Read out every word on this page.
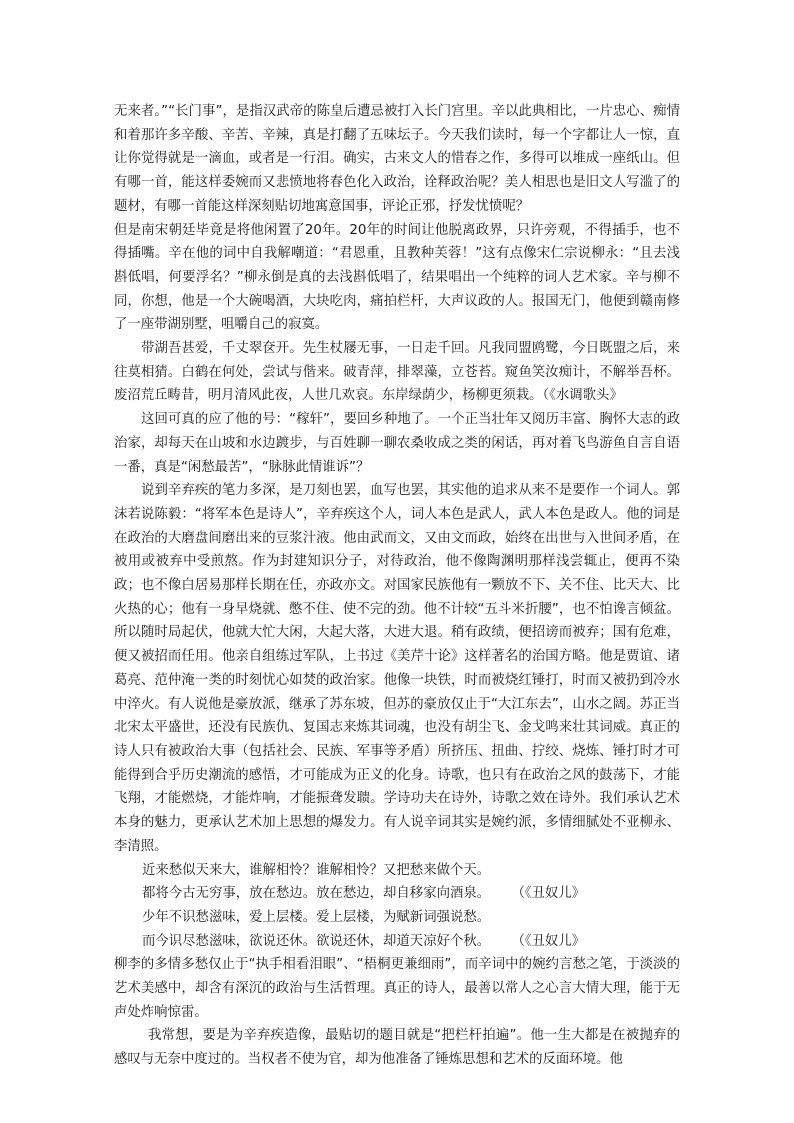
无来者。”“长门事”，是指汉武帝的陈皇后遭忌被打入长门宫里。辛以此典相比，一片忠心、痴情和着那许多辛酸、辛苦、辛辣，真是打翻了五味坛子。今天我们读时，每一个字都让人一惊，直让你觉得就是一滴血，或者是一行泪。确实，古来文人的惜春之作，多得可以堆成一座纸山。但有哪一首，能这样委婉而又悲愤地将春色化入政治，诠释政治呢？美人相思也是旧文人写滥了的题材，有哪一首能这样深刻贴切地寓意国事，评论正邪，抒发忧愤呢？

但是南宋朝廷毕竟是将他闲置了20年。20年的时间让他脱离政界，只许旁观，不得插手，也不得插嘴。辛在他的词中自我解嘲道：“君恩重，且教种芙蓉！”这有点像宋仁宗说柳永：“且去浅斟低唱，何要浮名？”柳永倒是真的去浅斟低唱了，结果唱出一个纯粹的词人艺术家。辛与柳不同，你想，他是一个大碗喝酒，大块吃肉，痛拍栏杆，大声议政的人。报国无门，他便到赣南修了一座带湖别墅，咀嚼自己的寂寞。

带湖吾甚爱，千丈翠奁开。先生杖屦无事，一日走千回。凡我同盟鸥鹭，今日既盟之后，来往莫相猜。白鹤在何处，尝试与偕来。破青萍，排翠藻，立苍苔。窥鱼笑汝痴计，不解举吾杯。废沼荒丘畴昔，明月清风此夜，人世几欢哀。东岸绿荫少，杨柳更须栽。（《水调歌头》

这回可真的应了他的号：“稼轩”，要回乡种地了。一个正当壮年又阅历丰富、胸怀大志的政治家，却每天在山坡和水边踱步，与百姓聊一聊农桑收成之类的闲话，再对着飞鸟游鱼自言自语一番，真是“闲愁最苦”，“脉脉此情谁诉”？

说到辛弃疾的笔力多深，是刀刻也罢，血写也罢，其实他的追求从来不是要作一个词人。郭沫若说陈毅：“将军本色是诗人”，辛弃疾这个人，词人本色是武人，武人本色是政人。他的词是在政治的大磨盘间磨出来的豆浆汁液。他由武而文，又由文而政，始终在出世与入世间矛盾，在被用或被弃中受煎熬。作为封建知识分子，对待政治，他不像陶渊明那样浅尝辄止，便再不染政；也不像白居易那样长期在任，亦政亦文。对国家民族他有一颗放不下、关不住、比天大、比火热的心；他有一身早烧就、憋不住、使不完的劲。他不计较“五斗米折腰”，也不怕谗言倾盆。所以随时局起伏，他就大忙大闲，大起大落，大进大退。稍有政绩，便招谤而被弃；国有危难，便又被招而任用。他亲自组练过军队，上书过《美芹十论》这样著名的治国方略。他是贾谊、诸葛亮、范仲淹一类的时刻忧心如焚的政治家。他像一块铁，时而被烧红锤打，时而又被扔到冷水中淬火。有人说他是豪放派，继承了苏东坡，但苏的豪放仅止于“大江东去”，山水之阔。苏正当北宋太平盛世，还没有民族仇、复国志来炼其词魂，也没有胡尘飞、金戈鸣来壮其词威。真正的诗人只有被政治大事（包括社会、民族、军事等矛盾）所挤压、扭曲、拧绞、烧炼、锤打时才可能得到合乎历史潮流的感悟，才可能成为正义的化身。诗歌，也只有在政治之风的鼓荡下，才能飞翔，才能燃烧，才能炸响，才能振聋发聩。学诗功夫在诗外，诗歌之效在诗外。我们承认艺术本身的魅力，更承认艺术加上思想的爆发力。有人说辛词其实是婉约派，多情细腻处不亚柳永、李清照。

近来愁似天来大，谁解相怜？谁解相怜？又把愁来做个天。

都将今古无穷事，放在愁边。放在愁边，却自移家向酒泉。 （《丑奴儿》

少年不识愁滋味，爱上层楼。爱上层楼，为赋新词强说愁。

而今识尽愁滋味，欲说还休。欲说还休，却道天凉好个秋。 （《丑奴儿》

柳李的多情多愁仅止于“执手相看泪眼”、“梧桐更兼细雨”，而辛词中的婉约言愁之笔，于淡淡的艺术美感中，却含有深沉的政治与生活哲理。真正的诗人，最善以常人之心言大情大理，能于无声处炸响惊雷。

我常想，要是为辛弃疾造像，最贴切的题目就是“把栏杆拍遍”。他一生大都是在被抛弃的感叹与无奈中度过的。当权者不使为官，却为他准备了锤炼思想和艺术的反面环境。他
